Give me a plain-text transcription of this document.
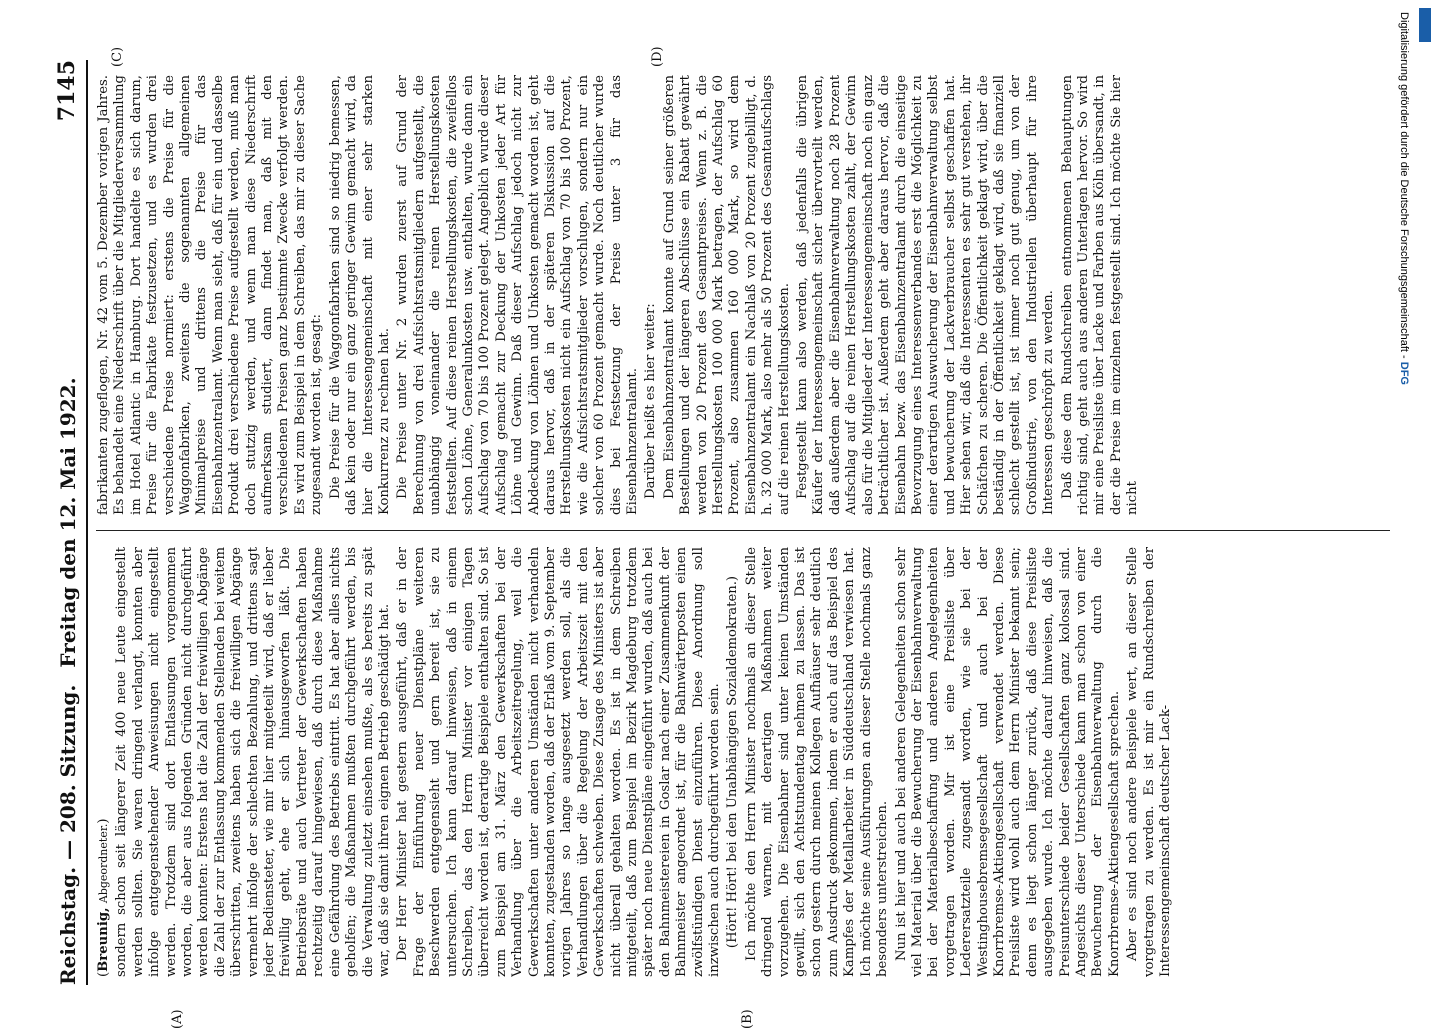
Digitalisierung gefördert durch die Deutsche Forschungsgemeinschaft - DFG
Reichstag. — 208. Sitzung.
Freitag den 12. Mai 1922.
7145
(A)	(B)
(C)	(D)

(Breunig, Abgeordneter.) sondern schon seit längerer Zeit 400 neue Leute eingestellt werden sollten. Sie waren dringend verlangt, konnten aber infolge entgegenstehender Anweisungen nicht eingestellt werden. Trotzdem sind dort Entlassungen vorgenommen worden, die aber aus folgenden Gründen nicht durchgeführt werden konnten: Erstens hat die Zahl der freiwilligen Abgänge die Zahl der zur Entlassung kommenden Stellenden bei weitem überschritten, zweitens haben sich die freiwilligen Abgänge vermehrt infolge der schlechten Bezahlung, und drittens sagt jeder Bediensteter, wie mir hier mitgeteilt wird, daß er lieber freiwillig geht, ehe er sich hinausgeworfen läßt. Die Betriebsräte und auch Vertreter der Gewerkschaften haben rechtzeitig darauf hingewiesen, daß durch diese Maßnahme eine Gefährdung des Betriebs eintritt. Es hat aber alles nichts geholfen; die Maßnahmen mußten durchgeführt werden, bis die Verwaltung zuletzt einsehen mußte, als es bereits zu spät war, daß sie damit ihren eignen Betrieb geschädigt hat. Der Herr Minister hat gestern ausgeführt, daß er in der Frage der Einführung neuer Dienstpläne weiteren Beschwerden entgegensieht und gern bereit ist, sie zu untersuchen. Ich kann darauf hinweisen, daß in einem Schreiben, das den Herrn Minister vor einigen Tagen überreicht worden ist, derartige Beispiele enthalten sind. So ist zum Beispiel am 31. März den Gewerkschaften bei der Verhandlung über die Arbeitszeitregelung, weil die Gewerkschaften unter anderen Umständen nicht verhandeln konnten, zugestanden worden, daß der Erlaß vom 9. September vorigen Jahres so lange ausgesetzt werden soll, als die Verhandlungen über die Regelung der Arbeitszeit mit den Gewerkschaften schweben. Diese Zusage des Ministers ist aber nicht überall gehalten worden. Es ist in dem Schreiben mitgeteilt, daß zum Beispiel im Bezirk Magdeburg trotzdem später noch neue Dienstpläne eingeführt wurden, daß auch bei den Bahnmeistereien in Goslar nach einer Zusammenkunft der Bahnmeister angeordnet ist, für die Bahnwärterposten einen zwölfstündigen Dienst einzuführen. Diese Anordnung soll inzwischen auch durchgeführt worden sein. (Hört! Hört! bei den Unabhängigen Sozialdemokraten.) Ich möchte den Herrn Minister nochmals an dieser Stelle dringend warnen, mit derartigen Maßnahmen weiter vorzugehen. Die Eisenbahner sind unter keinen Umständen gewillt, sich den Achtstundentag nehmen zu lassen. Das ist schon gestern durch meinen Kollegen Aufhäuser sehr deutlich zum Ausdruck gekommen, indem er auch auf das Beispiel des Kampfes der Metallarbeiter in Süddeutschland verwiesen hat. Ich möchte seine Ausführungen an dieser Stelle nochmals ganz besonders unterstreichen. Nun ist hier und auch bei anderen Gelegenheiten schon sehr viel Material über die Bewucherung der Eisenbahnverwaltung bei der Materialbeschaffung und anderen Angelegenheiten vorgetragen worden. Mir ist eine Preisliste über Lederersatzteile zugesandt worden, wie sie bei der Westinghousebremsegesellschaft und auch bei der Knorrbremse-Aktiengesellschaft verwendet werden. Diese Preisliste wird wohl auch dem Herrn Minister bekannt sein; denn es liegt schon länger zurück, daß diese Preisliste ausgegeben wurde. Ich möchte darauf hinweisen, daß die Preisunterschiede beider Gesellschaften ganz kolossal sind. Angesichts dieser Unterschiede kann man schon von einer Bewucherung der Eisenbahnverwaltung durch die Knorrbremse-Aktiengesellschaft sprechen. Aber es sind noch andere Beispiele wert, an dieser Stelle vorgetragen zu werden. Es ist mir ein Rundschreiben der Interessengemeinschaft deutscher Lack-

fabrikanten zugeflogen, Nr. 42 vom 5. Dezember vorigen Jahres. Es behandelt eine Niederschrift über die Mitgliederversammlung im Hotel Atlantic in Hamburg. Dort handelte es sich darum, Preise für die Fabrikate festzusetzen, und es wurden drei verschiedene Preise normiert: erstens die Preise für die Waggonfabriken, zweitens die sogenannten allgemeinen Minimalpreise und drittens die Preise für das Eisenbahnzentralamt. Wenn man sieht, daß für ein und dasselbe Produkt drei verschiedene Preise aufgestellt werden, muß man doch stutzig werden, und wenn man diese Niederschrift aufmerksam studiert, dann findet man, daß mit den verschiedenen Preisen ganz bestimmte Zwecke verfolgt werden. Es wird zum Beispiel in dem Schreiben, das mir zu dieser Sache zugesandt worden ist, gesagt: Die Preise für die Waggonfabriken sind so niedrig bemessen, daß kein oder nur ein ganz geringer Gewinn gemacht wird, da hier die Interessengemeinschaft mit einer sehr starken Konkurrenz zu rechnen hat. Die Preise unter Nr. 2 wurden zuerst auf Grund der Berechnung von drei Aufsichtsratsmitgliedern aufgestellt, die unabhängig voneinander die reinen Herstellungskosten feststellten. Auf diese reinen Herstellungskosten, die zweifellos schon Löhne, Generalunkosten usw. enthalten, wurde dann ein Aufschlag von 70 bis 100 Prozent gelegt. Angeblich wurde dieser Aufschlag gemacht zur Deckung der Unkosten jeder Art für Löhne und Gewinn. Daß dieser Aufschlag jedoch nicht zur Abdeckung von Löhnen und Unkosten gemacht worden ist, geht daraus hervor, daß in der späteren Diskussion auf die Herstellungskosten nicht ein Aufschlag von 70 bis 100 Prozent, wie die Aufsichtsratsmitglieder vorschlugen, sondern nur ein solcher von 60 Prozent gemacht wurde. Noch deutlicher wurde dies bei Festsetzung der Preise unter 3 für das Eisenbahnzentralamt. Darüber heißt es hier weiter: Dem Eisenbahnzentralamt konnte auf Grund seiner größeren Bestellungen und der längeren Abschlüsse ein Rabatt gewährt werden von 20 Prozent des Gesamtpreises. Wenn z. B. die Herstellungskosten 100 000 Mark betragen, der Aufschlag 60 Prozent, also zusammen 160 000 Mark, so wird dem Eisenbahnzentralamt ein Nachlaß von 20 Prozent zugebilligt, d. h. 32 000 Mark, also mehr als 50 Prozent des Gesamtaufschlags auf die reinen Herstellungskosten. Festgestellt kann also werden, daß jedenfalls die übrigen Käufer der Interessengemeinschaft sicher übervorteilt werden, daß außerdem aber die Eisenbahnverwaltung noch 28 Prozent Aufschlag auf die reinen Herstellungskosten zahlt, der Gewinn also für die Mitglieder der Interessengemeinschaft noch ein ganz beträchtlicher ist. Außerdem geht aber daraus hervor, daß die Eisenbahn bezw. das Eisenbahnzentralamt durch die einseitige Bevorzugung eines Interessenverbandes erst die Möglichkeit zu einer derartigen Auswucherung der Eisenbahnverwaltung selbst und bewucherung der Lackverbraucher selbst geschaffen hat. Hier sehen wir, daß die Interessenten es sehr gut verstehen, ihr Schäfchen zu scheren. Die Öffentlichkeit geklagt wird, über die beständig in der Öffentlichkeit geklagt wird, daß sie finanziell schlecht gestellt ist, ist immer noch gut genug, um von der Großindustrie, von den Industriellen überhaupt für ihre Interessen geschröpft zu werden. Daß diese dem Rundschreiben entnommenen Behauptungen richtig sind, geht auch aus anderen Unterlagen hervor. So wird mir eine Preisliste über Lacke und Farben aus Köln übersandt, in der die Preise im einzelnen festgestellt sind. Ich möchte Sie hier nicht
